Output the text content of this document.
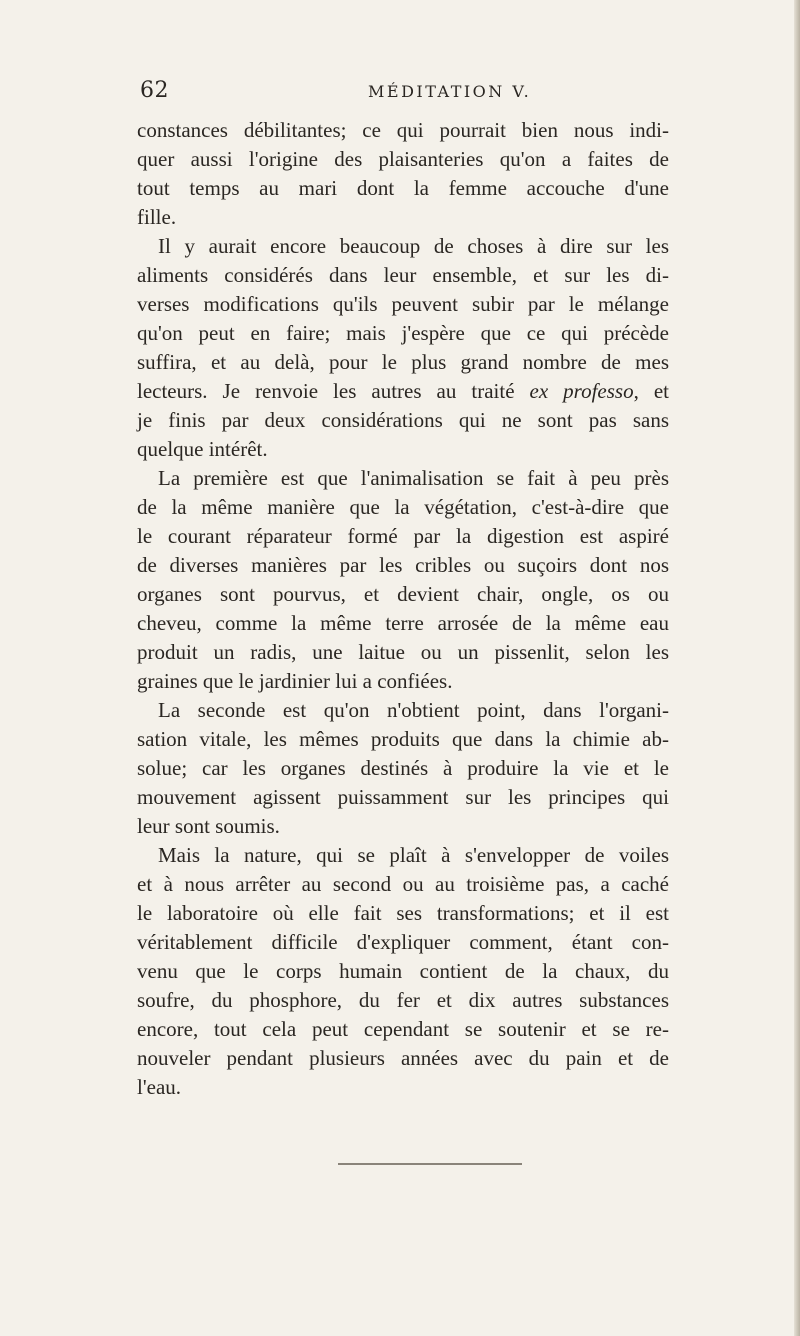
62	MÉDITATION V.
constances débilitantes; ce qui pourrait bien nous indi-
quer aussi l'origine des plaisanteries qu'on a faites de
tout temps au mari dont la femme accouche d'une
fille.
Il y aurait encore beaucoup de choses à dire sur les
aliments considérés dans leur ensemble, et sur les di-
verses modifications qu'ils peuvent subir par le mélange
qu'on peut en faire; mais j'espère que ce qui précède
suffira, et au delà, pour le plus grand nombre de mes
lecteurs. Je renvoie les autres au traité ex professo, et
je finis par deux considérations qui ne sont pas sans
quelque intérêt.
La première est que l'animalisation se fait à peu près
de la même manière que la végétation, c'est-à-dire que
le courant réparateur formé par la digestion est aspiré
de diverses manières par les cribles ou suçoirs dont nos
organes sont pourvus, et devient chair, ongle, os ou
cheveu, comme la même terre arrosée de la même eau
produit un radis, une laitue ou un pissenlit, selon les
graines que le jardinier lui a confiées.
La seconde est qu'on n'obtient point, dans l'organi-
sation vitale, les mêmes produits que dans la chimie ab-
solue; car les organes destinés à produire la vie et le
mouvement agissent puissamment sur les principes qui
leur sont soumis.
Mais la nature, qui se plaît à s'envelopper de voiles
et à nous arrêter au second ou au troisième pas, a caché
le laboratoire où elle fait ses transformations; et il est
véritablement difficile d'expliquer comment, étant con-
venu que le corps humain contient de la chaux, du
soufre, du phosphore, du fer et dix autres substances
encore, tout cela peut cependant se soutenir et se re-
nouveler pendant plusieurs années avec du pain et de
l'eau.
